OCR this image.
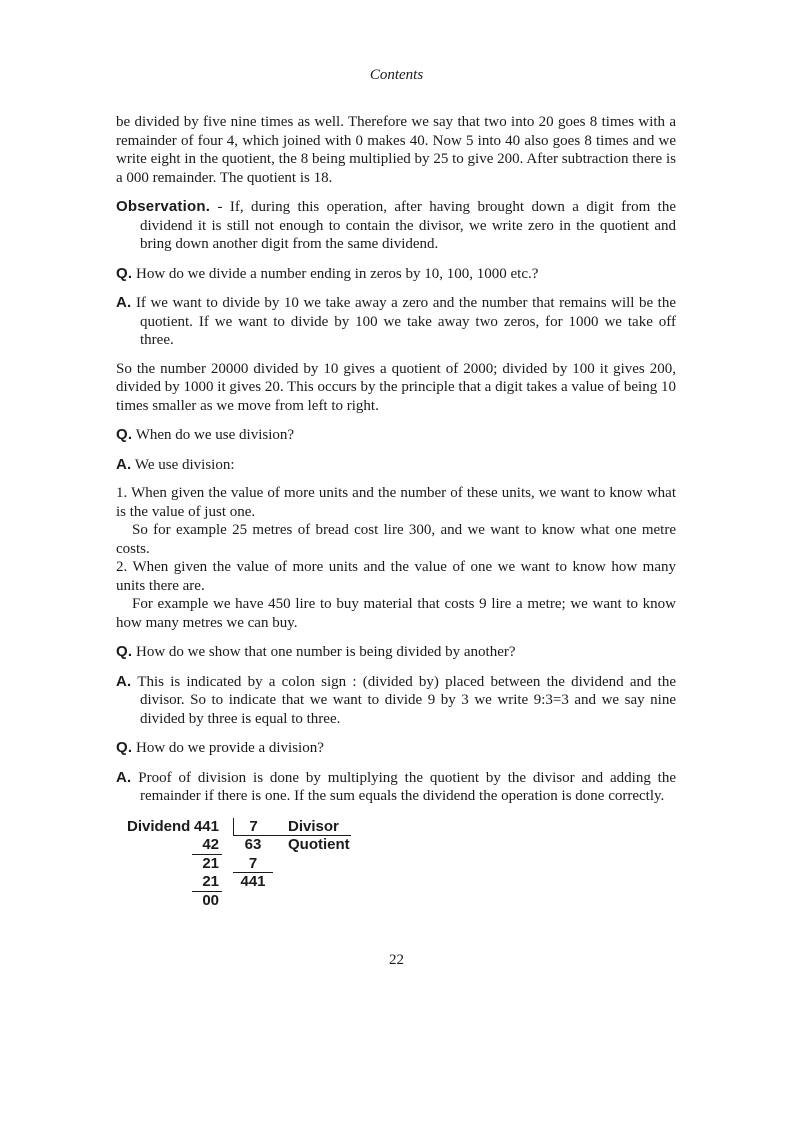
Contents

be divided by five nine times as well. Therefore we say that two into 20 goes 8 times with a remainder of four 4, which joined with 0 makes 40. Now 5 into 40 also goes 8 times and we write eight in the quotient, the 8 being multiplied by 25 to give 200. After subtraction there is a 000 remainder. The quotient is 18.

Observation. - If, during this operation, after having brought down a digit from the dividend it is still not enough to contain the divisor, we write zero in the quotient and bring down another digit from the same dividend.
Q. How do we divide a number ending in zeros by 10, 100, 1000 etc.?
A. If we want to divide by 10 we take away a zero and the number that remains will be the quotient. If we want to divide by 100 we take away two zeros, for 1000 we take off three.

So the number 20000 divided by 10 gives a quotient of 2000; divided by 100 it gives 200, divided by 1000 it gives 20. This occurs by the principle that a digit takes a value of being 10 times smaller as we move from left to right.

Q. When do we use division?
A. We use division:

1. When given the value of more units and the number of these units, we want to know what is the value of just one.

So for example 25 metres of bread cost lire 300, and we want to know what one metre costs.

2. When given the value of more units and the value of one we want to know how many units there are.

For example we have 450 lire to buy material that costs 9 lire a metre; we want to know how many metres we can buy.

Q. How do we show that one number is being divided by another?
A. This is indicated by a colon sign : (divided by) placed between the dividend and the divisor. So to indicate that we want to divide 9 by 3 we write 9:3=3 and we say nine divided by three is equal to three.
Q. How do we provide a division?
A. Proof of division is done by multiplying the quotient by the divisor and adding the remainder if there is one. If the sum equals the dividend the operation is done correctly.
Dividend 441	7	Divisor
42	63	Quotient
21	7
21	441
00
22
